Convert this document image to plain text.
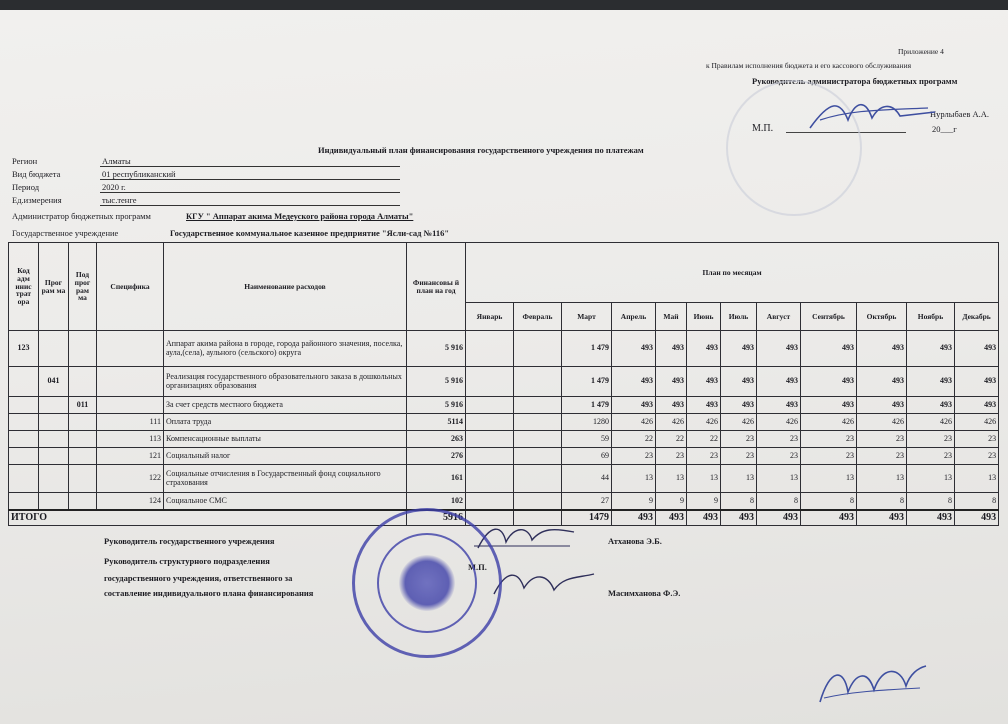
Приложение 4
к Правилам исполнения бюджета и его кассового обслуживания
Руководитель администратора бюджетных программ
Нурлыбаев А.А.
М.П.	20___г
Индивидуальный план финансирования государственного учреждения по платежам
Регион	Алматы
Вид бюджета	01 республиканский
Период	2020 г.
Ед.измерения	тыс.тенге
Администратор бюджетных программ	КГУ " Аппарат акима Медеуского района города Алматы"
Государственное учреждение	Государственное коммунальное казенное предприятие "Ясли-сад №116"
Код адм инис трат ора	Прог рам ма	Под прог рам ма	Специфика	Наименование расходов	Финансовы й план на год	План по месяцам											
						Январь	Февраль	Март	Апрель	Май	Июнь	Июль	Август	Сентябрь	Октябрь	Ноябрь	Декабрь
123				Аппарат акима района в городе, города районного значения, поселка, аула,(села), аульного (сельского) округа	5 916			1 479	493	493	493	493	493	493	493	493	493
	041			Реализация государственного образовательного заказа в дошкольных организациях образования	5 916			1 479	493	493	493	493	493	493	493	493	493
		011		За счет средств местного бюджета	5 916			1 479	493	493	493	493	493	493	493	493	493
			111	Оплата труда	5114			1280	426	426	426	426	426	426	426	426	426
			113	Компенсационные выплаты	263			59	22	22	22	23	23	23	23	23	23
			121	Социальный налог	276			69	23	23	23	23	23	23	23	23	23
			122	Социальные отчисления в Государственный фонд социального страхования	161			44	13	13	13	13	13	13	13	13	13
			124	Социальное СМС	102			27	9	9	9	8	8	8	8	8	8
ИТОГО					5916			1479	493	493	493	493	493	493	493	493	493
Руководитель государственного учреждения	Атханова Э.Б.
Руководитель структурного подразделения
государственного учреждения, ответственного за
составление индивидуального плана финансирования
М.П.
Масимханова Ф.Э.
